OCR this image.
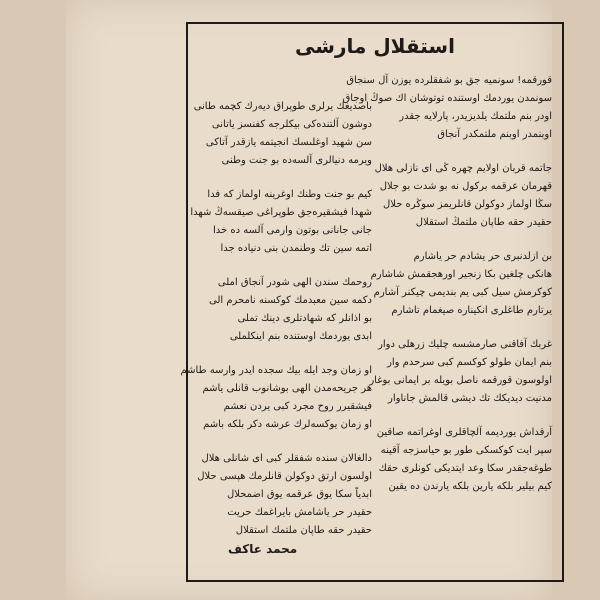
استقلال مارشى
قورقمه! سونميه جق بو شفقلرده يوزن آل سنجاق
سونمدن يوردمك اوستنده توتوشان اك صوڭ اوجاق
اودر بنم ملتمك يلديزيدر، پارلايه جقدر
اوبنمدر اوبنم ملتمكدر آنجاق
جاتمه قربان اولايم چهره ڭى اى نازلى هلال
قهرمان عرقمه بركول نه بو شدت بو جلال
سڭا اولماز دوكولن قانلريمز سوڭره حلال
حقيدر حقه طاپان ملتمڭ استقلال
بن ازلدنبرى حر يشادم حر ياشارم
هانكى چلغين بكا زنجير اورهجقمش شاشارم
كوكرمش سيل كبى يم بنديمى چيكنر آشارم
يرتارم طاغلرى انكيناره صيغمام تاشارم
غربك آفاقنى صارمشسه چليك زرهلى دوار
بنم ايمان طولو كوكسم كبى سرحدم وار
اولوسون قورقمه ناصل بويله بر ايمانى بوغار
مدنيت ديديكك تك ديشى قالمش جاناوار
آرقداش يورديمه آلچاقلرى اوغراتمه صاقين
سپر ايت كوكسكى طور بو حياسزجه آقينه
طوغه‌جقدر سكا وعد ايتديكى كونلرى حقك
كيم بيلير بلكه يارين بلكه يارندن ده يقين
باصديغك يرلرى طوپراق ديه‌رك كچمه طانى
دوشون آلتنده‌كى بيكلرجه كفنسز ياتانى
سن شهيد اوغلىسك انجيتمه‌ ياز‌قدر آتاكى
ويرمه دنيالرى آلسه‌ده بو جنت وطنى
كيم بو جنت وطنك اوغرينه اولماز كه فدا
شهدا فيشقيره‌جق طوپراغى صيقسه‌ڭ شهدا
جانى جانانى بوتون وارمى آلسه ده خدا
اتمه سين تك وطنمدن بنى دنياده جدا
روحمك سندن الهى شودر آنجاق املى
دكمه سين معبدمك كوكسنه نامحرم الى
بو اذانلر كه شهادتلرى دينك تملى
ابدى يوردمك اوستنده بنم اينكلملى
او زمان وجد ايله بيك سجده ايدر وارسه طاشم
هر جريحه‌مدن الهى بوشانوب قانلى ياشم
فيشقيرر روح مجرد كبى يردن نعشم
او زمان يوكسه‌لرك عرشه دكر بلكه باشم
دالغالان سنده شفقلر كبى اى شانلى هلال
اولسون ارتق دوكولن قانلرمك هپسى حلال
ابدياً سكا يوق عرقمه يوق اضمحلال
حقيدر حر ياشامش بايراغمك حريت
حقيدر حقه طاپان ملتمك استقلال
محمد عاكف
